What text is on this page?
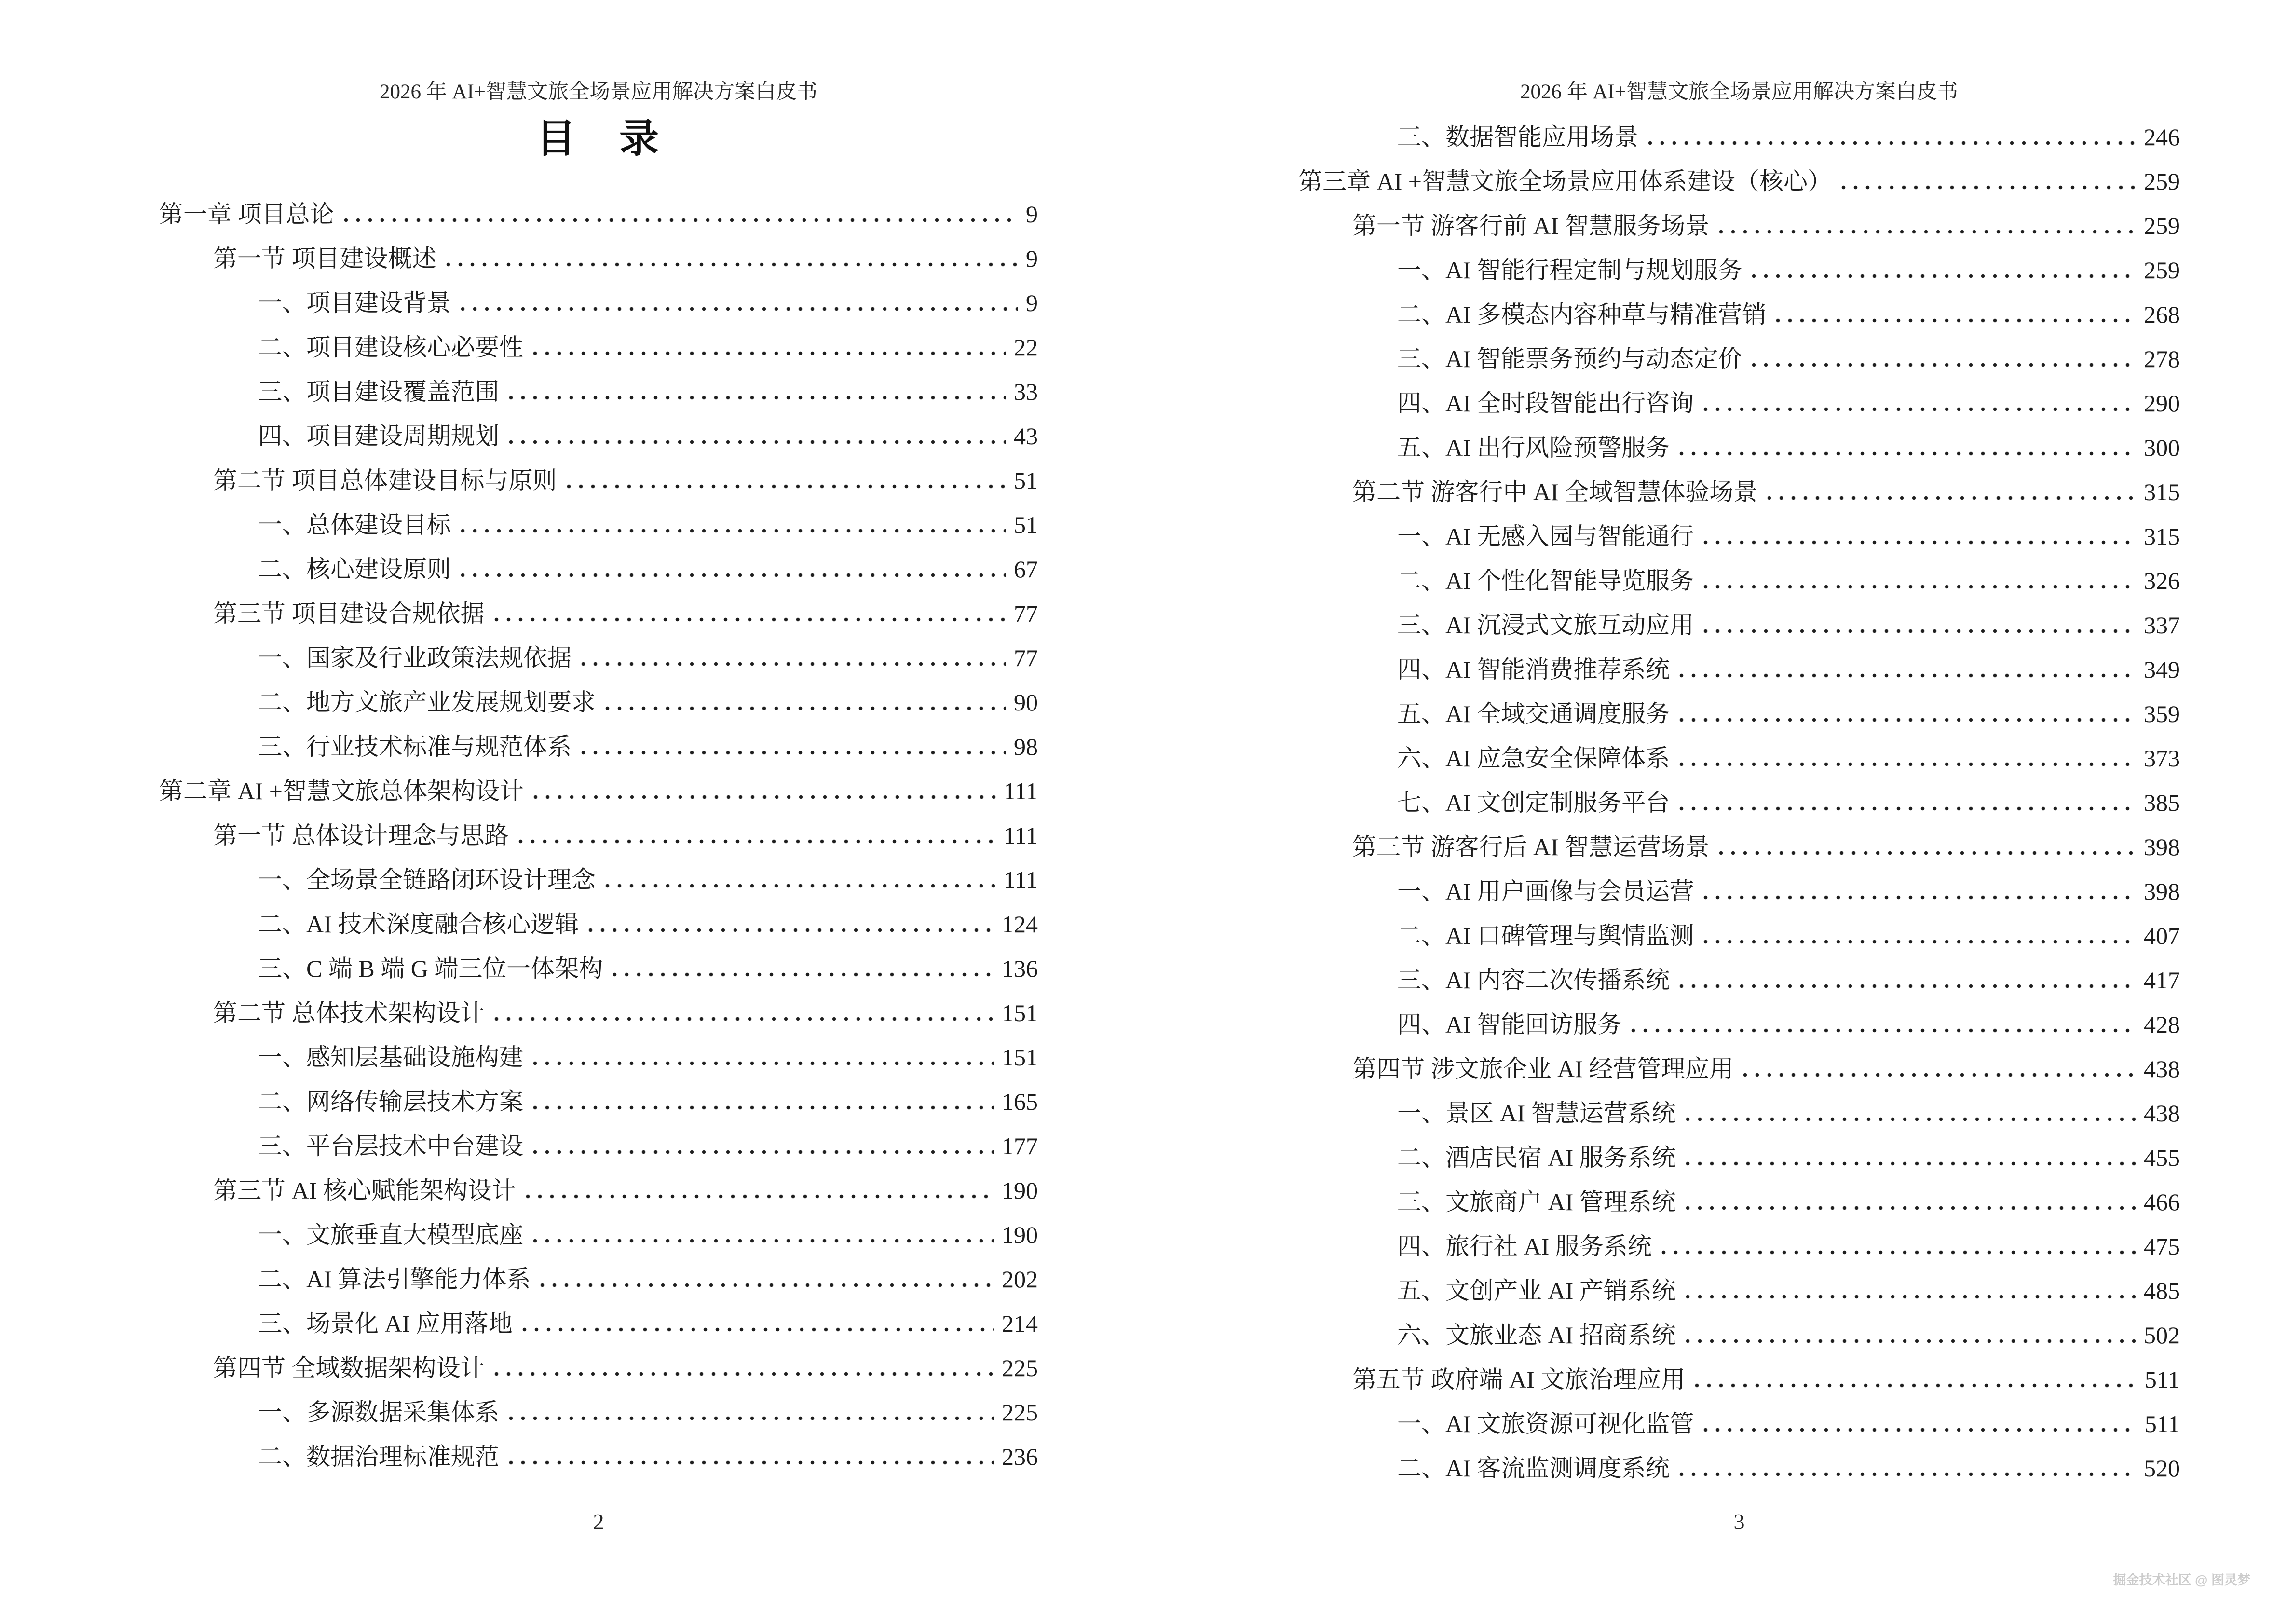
2026 年 AI+智慧文旅全场景应用解决方案白皮书
目　录
第一章 项目总论	9
第一节 项目建设概述	9
一、项目建设背景	9
二、项目建设核心必要性	22
三、项目建设覆盖范围	33
四、项目建设周期规划	43
第二节 项目总体建设目标与原则	51
一、总体建设目标	51
二、核心建设原则	67
第三节 项目建设合规依据	77
一、国家及行业政策法规依据	77
二、地方文旅产业发展规划要求	90
三、行业技术标准与规范体系	98
第二章 AI +智慧文旅总体架构设计	111
第一节 总体设计理念与思路	111
一、全场景全链路闭环设计理念	111
二、AI 技术深度融合核心逻辑	124
三、C 端 B 端 G 端三位一体架构	136
第二节 总体技术架构设计	151
一、感知层基础设施构建	151
二、网络传输层技术方案	165
三、平台层技术中台建设	177
第三节 AI 核心赋能架构设计	190
一、文旅垂直大模型底座	190
二、AI 算法引擎能力体系	202
三、场景化 AI 应用落地	214
第四节 全域数据架构设计	225
一、多源数据采集体系	225
二、数据治理标准规范	236
2
2026 年 AI+智慧文旅全场景应用解决方案白皮书
三、数据智能应用场景	246
第三章 AI +智慧文旅全场景应用体系建设（核心）	259
第一节 游客行前 AI 智慧服务场景	259
一、AI 智能行程定制与规划服务	259
二、AI 多模态内容种草与精准营销	268
三、AI 智能票务预约与动态定价	278
四、AI 全时段智能出行咨询	290
五、AI 出行风险预警服务	300
第二节 游客行中 AI 全域智慧体验场景	315
一、AI 无感入园与智能通行	315
二、AI 个性化智能导览服务	326
三、AI 沉浸式文旅互动应用	337
四、AI 智能消费推荐系统	349
五、AI 全域交通调度服务	359
六、AI 应急安全保障体系	373
七、AI 文创定制服务平台	385
第三节 游客行后 AI 智慧运营场景	398
一、AI 用户画像与会员运营	398
二、AI 口碑管理与舆情监测	407
三、AI 内容二次传播系统	417
四、AI 智能回访服务	428
第四节 涉文旅企业 AI 经营管理应用	438
一、景区 AI 智慧运营系统	438
二、酒店民宿 AI 服务系统	455
三、文旅商户 AI 管理系统	466
四、旅行社 AI 服务系统	475
五、文创产业 AI 产销系统	485
六、文旅业态 AI 招商系统	502
第五节 政府端 AI 文旅治理应用	511
一、AI 文旅资源可视化监管	511
二、AI 客流监测调度系统	520
3
掘金技术社区 @ 图灵梦
